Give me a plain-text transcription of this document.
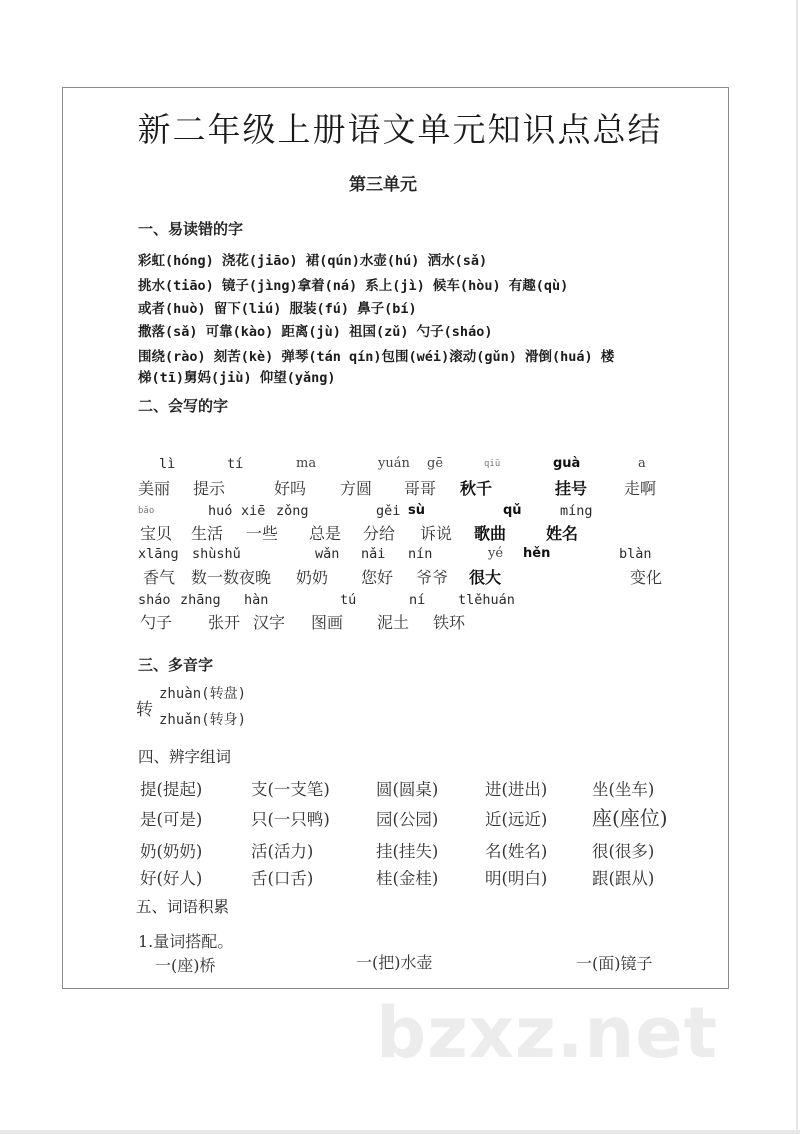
bzxz.net
新二年级上册语文单元知识点总结
第三单元
一、易读错的字
彩虹(hóng) 浇花(jiāo) 裙(qún)水壶(hú) 洒水(sǎ)
挑水(tiāo) 镜子(jìng)拿着(ná) 系上(jì) 候车(hòu) 有趣(qù)
或者(huò) 留下(liú) 服装(fú) 鼻子(bí)
撒落(sǎ) 可靠(kào) 距离(jù) 祖国(zǔ) 勺子(sháo)
围绕(rào) 刻苦(kè) 弹琴(tán qín)包围(wéi)滚动(gǔn) 滑倒(huá) 楼
梯(tī)舅妈(jiù) 仰望(yǎng)
二、会写的字
lì	tí	ma	yuán gē	qiū	guà	a
美丽 提示	好吗 方圆 哥哥 秋千	挂号 走啊
bāo	huó xiē zǒng	gěi sù	qǔ	míng
宝贝 生活 一些 总是 分给 诉说 歌曲 姓名
xlāng shùshǔ	wǎn nǎi nín	yé hěn	blàn
香气 数一数夜晚 奶奶 您好 爷爷 很大	变化
sháo zhāng hàn	tú	ní tlěhuán
勺子 张开 汉字 图画 泥土 铁环
三、多音字
转
zhuàn(转盘)
zhuǎn(转身)
四、辨字组词
提(提起)	支(一支笔)	圆(圆桌)	进(进出)	坐(坐车)
是(可是)	只(一只鸭)	园(公园)	近(远近) 座(座位)
奶(奶奶)	活(活力)	挂(挂失)	名(姓名)	很(很多)
好(好人)	舌(口舌)	桂(金桂)	明(明白)	跟(跟从)
五、词语积累
1.量词搭配。
一(座)桥	一(把)水壶	一(面)镜子
